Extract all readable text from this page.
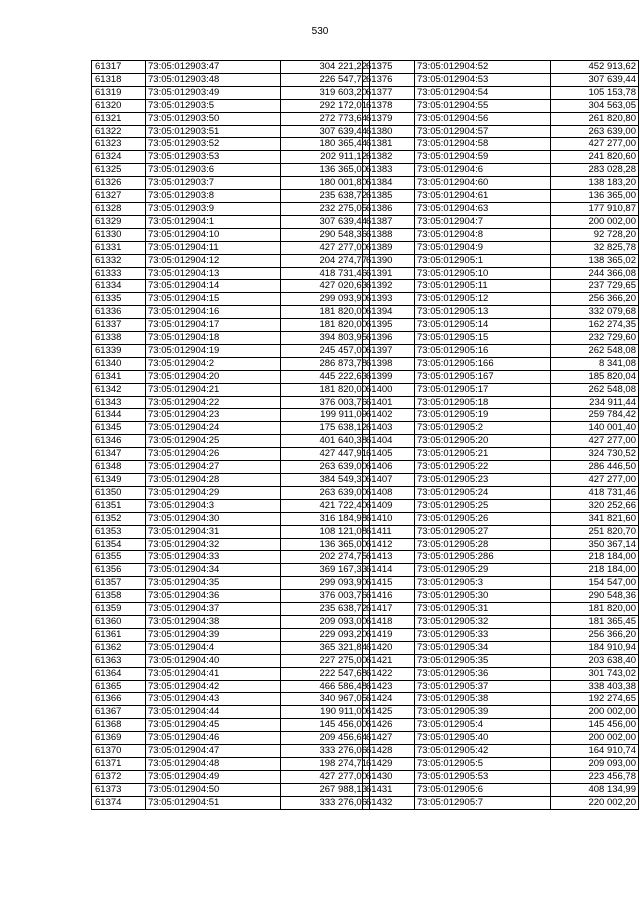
530
61317	73:05:012903:47	304 221,22
61318	73:05:012903:48	226 547,72
61319	73:05:012903:49	319 603,20
61320	73:05:012903:5	292 172,01
61321	73:05:012903:50	272 773,64
61322	73:05:012903:51	307 639,44
61323	73:05:012903:52	180 365,44
61324	73:05:012903:53	202 911,12
61325	73:05:012903:6	136 365,00
61326	73:05:012903:7	180 001,80
61327	73:05:012903:8	235 638,72
61328	73:05:012903:9	232 275,05
61329	73:05:012904:1	307 639,44
61330	73:05:012904:10	290 548,36
61331	73:05:012904:11	427 277,00
61332	73:05:012904:12	204 274,77
61333	73:05:012904:13	418 731,46
61334	73:05:012904:14	427 020,63
61335	73:05:012904:15	299 093,90
61336	73:05:012904:16	181 820,00
61337	73:05:012904:17	181 820,00
61338	73:05:012904:18	394 803,95
61339	73:05:012904:19	245 457,00
61340	73:05:012904:2	286 873,78
61341	73:05:012904:20	445 222,63
61342	73:05:012904:21	181 820,00
61343	73:05:012904:22	376 003,76
61344	73:05:012904:23	199 911,09
61345	73:05:012904:24	175 638,12
61346	73:05:012904:25	401 640,38
61347	73:05:012904:26	427 447,91
61348	73:05:012904:27	263 639,00
61349	73:05:012904:28	384 549,30
61350	73:05:012904:29	263 639,00
61351	73:05:012904:3	421 722,40
61352	73:05:012904:30	316 184,98
61353	73:05:012904:31	108 121,08
61354	73:05:012904:32	136 365,00
61355	73:05:012904:33	202 274,75
61356	73:05:012904:34	369 167,33
61357	73:05:012904:35	299 093,90
61358	73:05:012904:36	376 003,76
61359	73:05:012904:37	235 638,72
61360	73:05:012904:38	209 093,00
61361	73:05:012904:39	229 093,20
61362	73:05:012904:4	365 321,84
61363	73:05:012904:40	227 275,00
61364	73:05:012904:41	222 547,68
61365	73:05:012904:42	466 586,48
61366	73:05:012904:43	340 967,05
61367	73:05:012904:44	190 911,00
61368	73:05:012904:45	145 456,00
61369	73:05:012904:46	209 456,64
61370	73:05:012904:47	333 276,06
61371	73:05:012904:48	198 274,71
61372	73:05:012904:49	427 277,00
61373	73:05:012904:50	267 988,13
61374	73:05:012904:51	333 276,06
61375	73:05:012904:52	452 913,62
61376	73:05:012904:53	307 639,44
61377	73:05:012904:54	105 153,78
61378	73:05:012904:55	304 563,05
61379	73:05:012904:56	261 820,80
61380	73:05:012904:57	263 639,00
61381	73:05:012904:58	427 277,00
61382	73:05:012904:59	241 820,60
61383	73:05:012904:6	283 028,28
61384	73:05:012904:60	138 183,20
61385	73:05:012904:61	136 365,00
61386	73:05:012904:63	177 910,87
61387	73:05:012904:7	200 002,00
61388	73:05:012904:8	92 728,20
61389	73:05:012904:9	32 825,78
61390	73:05:012905:1	138 365,02
61391	73:05:012905:10	244 366,08
61392	73:05:012905:11	237 729,65
61393	73:05:012905:12	256 366,20
61394	73:05:012905:13	332 079,68
61395	73:05:012905:14	162 274,35
61396	73:05:012905:15	232 729,60
61397	73:05:012905:16	262 548,08
61398	73:05:012905:166	8 341,08
61399	73:05:012905:167	185 820,04
61400	73:05:012905:17	262 548,08
61401	73:05:012905:18	234 911,44
61402	73:05:012905:19	259 784,42
61403	73:05:012905:2	140 001,40
61404	73:05:012905:20	427 277,00
61405	73:05:012905:21	324 730,52
61406	73:05:012905:22	286 446,50
61407	73:05:012905:23	427 277,00
61408	73:05:012905:24	418 731,46
61409	73:05:012905:25	320 252,66
61410	73:05:012905:26	341 821,60
61411	73:05:012905:27	251 820,70
61412	73:05:012905:28	350 367,14
61413	73:05:012905:286	218 184,00
61414	73:05:012905:29	218 184,00
61415	73:05:012905:3	154 547,00
61416	73:05:012905:30	290 548,36
61417	73:05:012905:31	181 820,00
61418	73:05:012905:32	181 365,45
61419	73:05:012905:33	256 366,20
61420	73:05:012905:34	184 910,94
61421	73:05:012905:35	203 638,40
61422	73:05:012905:36	301 743,02
61423	73:05:012905:37	338 403,38
61424	73:05:012905:38	192 274,65
61425	73:05:012905:39	200 002,00
61426	73:05:012905:4	145 456,00
61427	73:05:012905:40	200 002,00
61428	73:05:012905:42	164 910,74
61429	73:05:012905:5	209 093,00
61430	73:05:012905:53	223 456,78
61431	73:05:012905:6	408 134,99
61432	73:05:012905:7	220 002,20
